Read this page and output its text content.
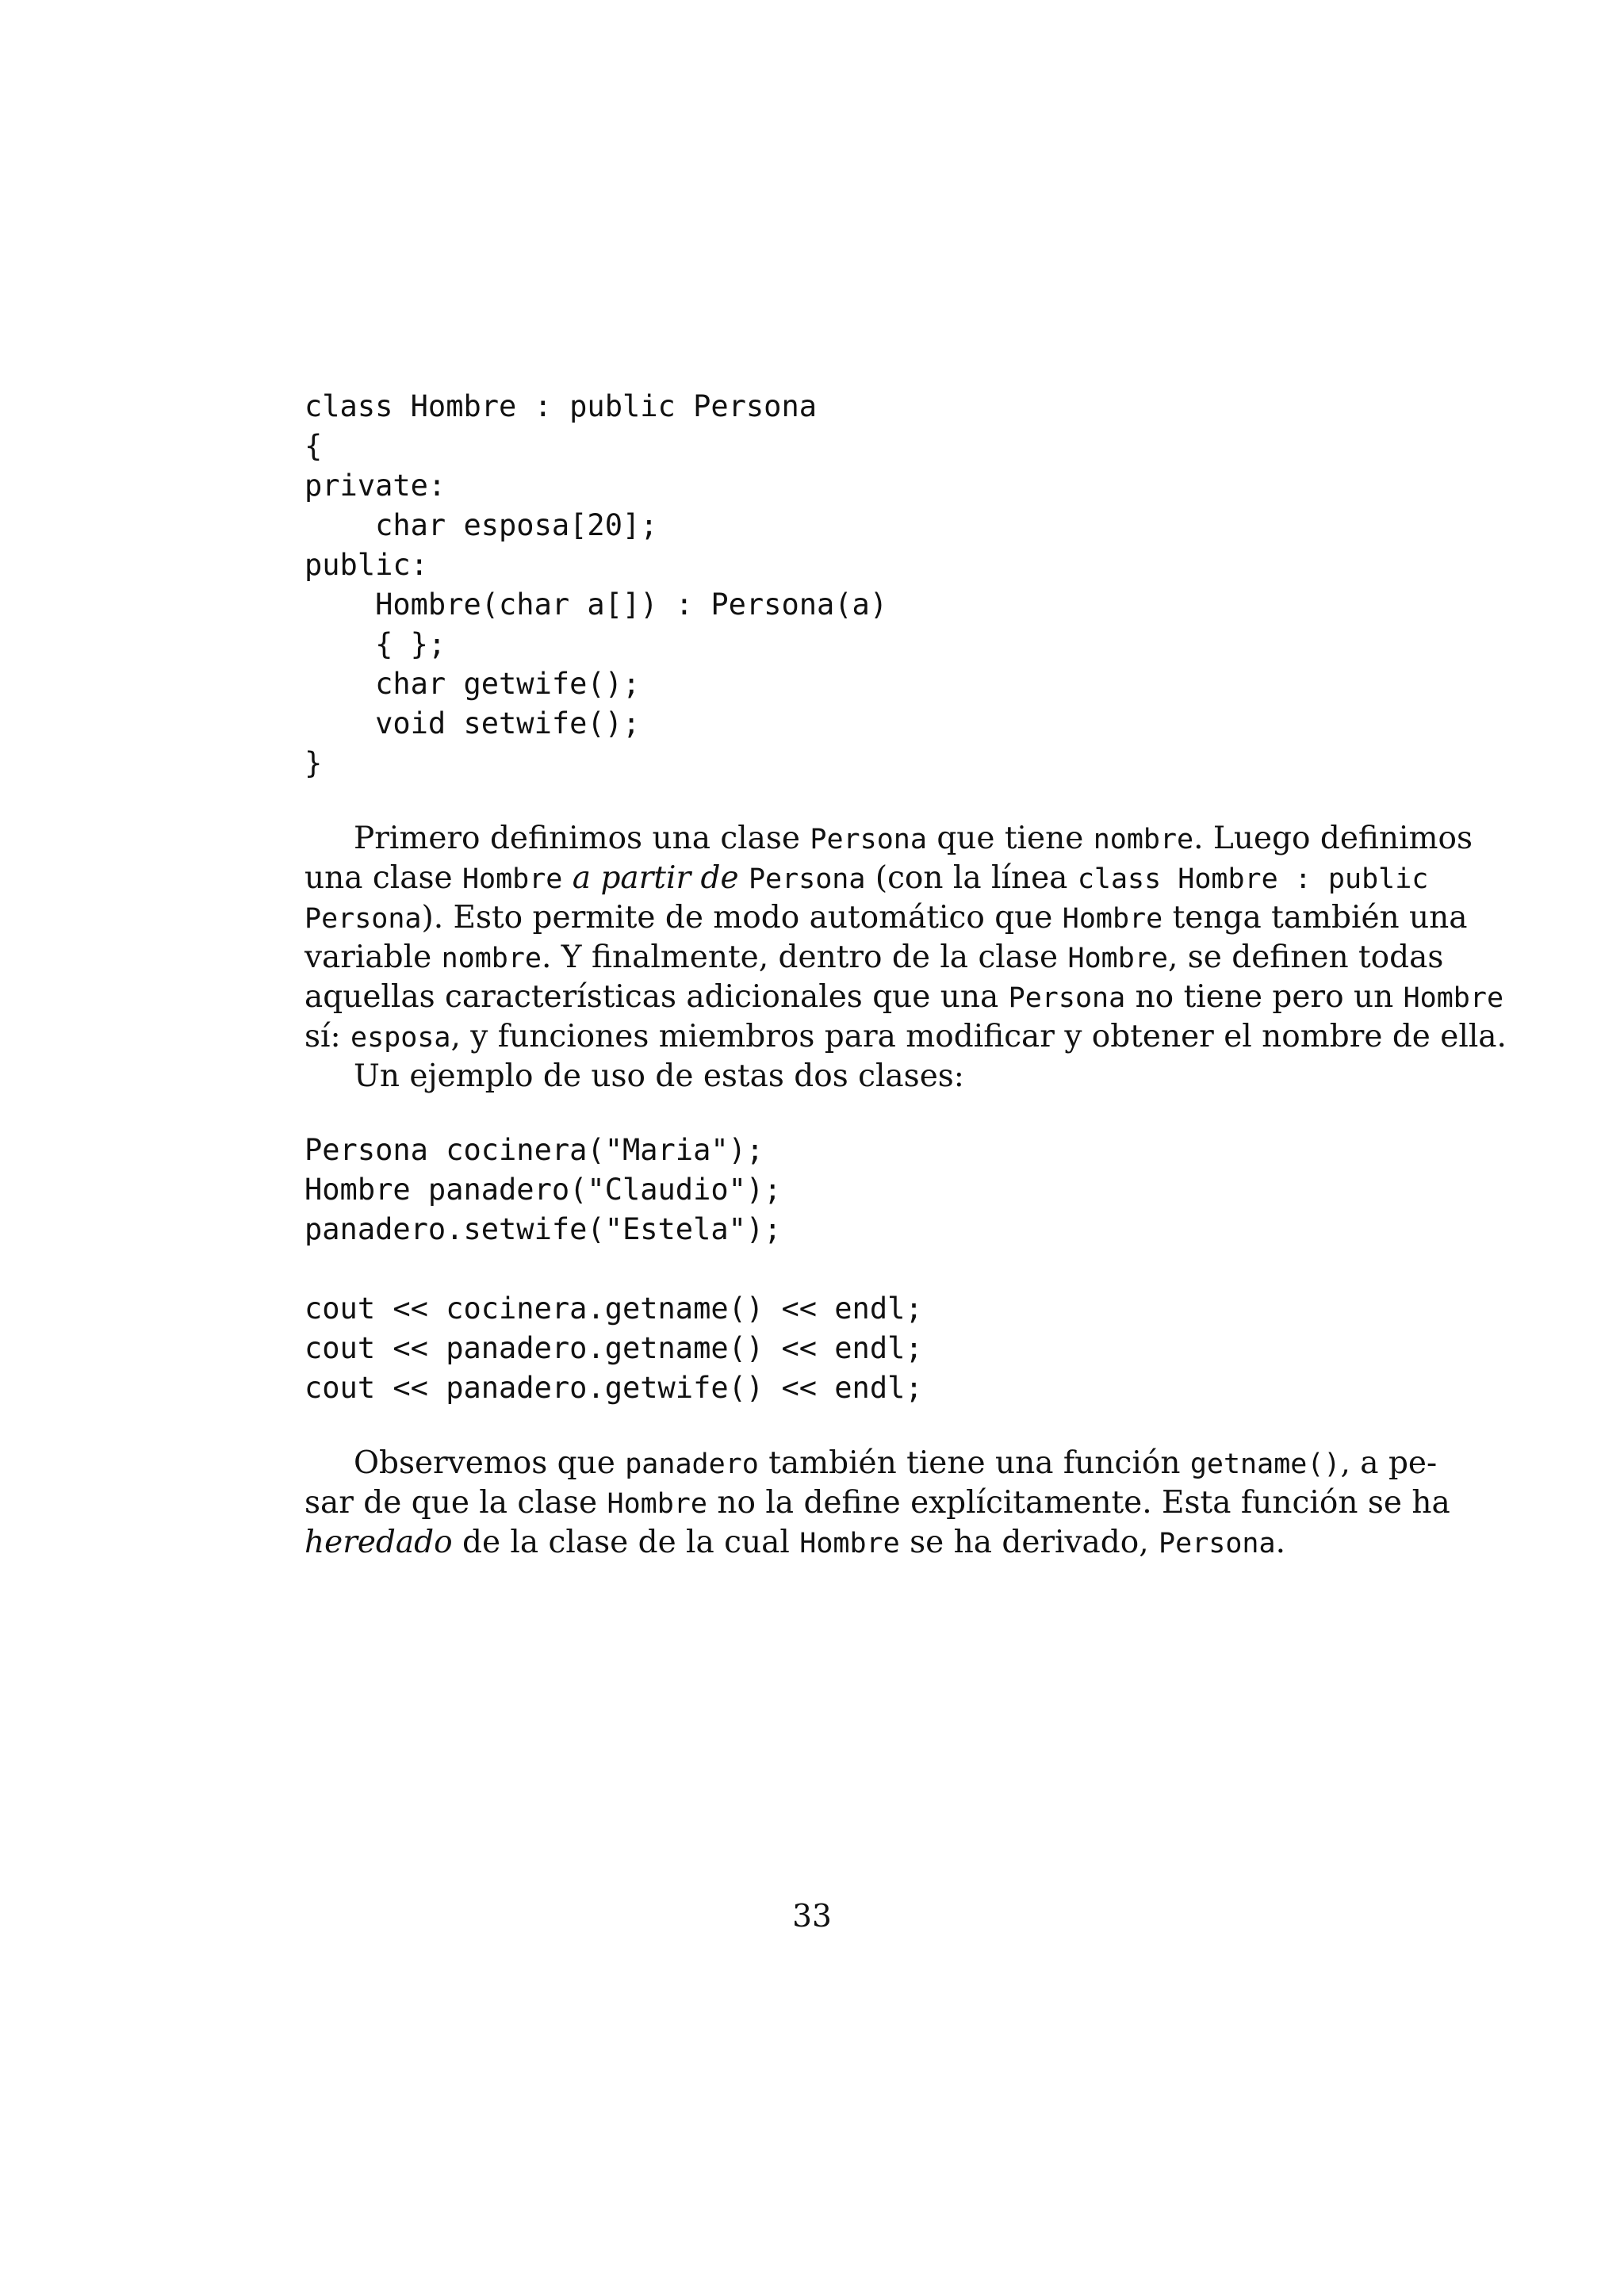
class Hombre : public Persona
{
private:
char esposa[20];
public:
Hombre(char a[]) : Persona(a)
{ };
char getwife();
void setwife();
}
Primero definimos una clase Persona que tiene nombre. Luego definimos
una clase Hombre a partir de Persona (con la línea class Hombre : public
Persona). Esto permite de modo automático que Hombre tenga también una
variable nombre. Y finalmente, dentro de la clase Hombre, se definen todas
aquellas características adicionales que una Persona no tiene pero un Hombre
sí: esposa, y funciones miembros para modificar y obtener el nombre de ella.
Un ejemplo de uso de estas dos clases:
Persona cocinera("Maria");
Hombre panadero("Claudio");
panadero.setwife("Estela");
cout << cocinera.getname() << endl;
cout << panadero.getname() << endl;
cout << panadero.getwife() << endl;
Observemos que panadero también tiene una función getname(), a pe-
sar de que la clase Hombre no la define explícitamente. Esta función se ha
heredado de la clase de la cual Hombre se ha derivado, Persona.
33
